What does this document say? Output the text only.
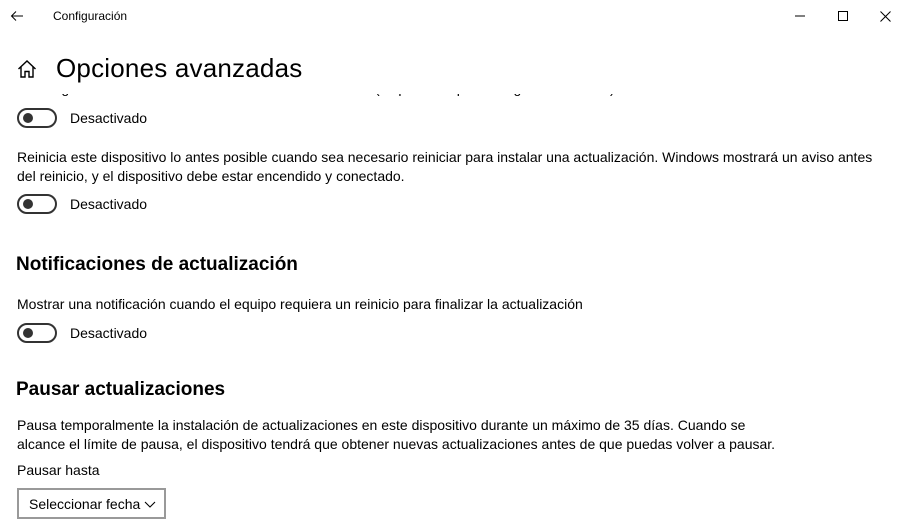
Configuración
Opciones avanzadas
Desactivado

Reinicia este dispositivo lo antes posible cuando sea necesario reiniciar para instalar una actualización. Windows mostrará un aviso antes del reinicio, y el dispositivo debe estar encendido y conectado.

Desactivado
Notificaciones de actualización

Mostrar una notificación cuando el equipo requiera un reinicio para finalizar la actualización

Desactivado
Pausar actualizaciones

Pausa temporalmente la instalación de actualizaciones en este dispositivo durante un máximo de 35 días. Cuando se alcance el límite de pausa, el dispositivo tendrá que obtener nuevas actualizaciones antes de que puedas volver a pausar.

Pausar hasta
Seleccionar fecha
